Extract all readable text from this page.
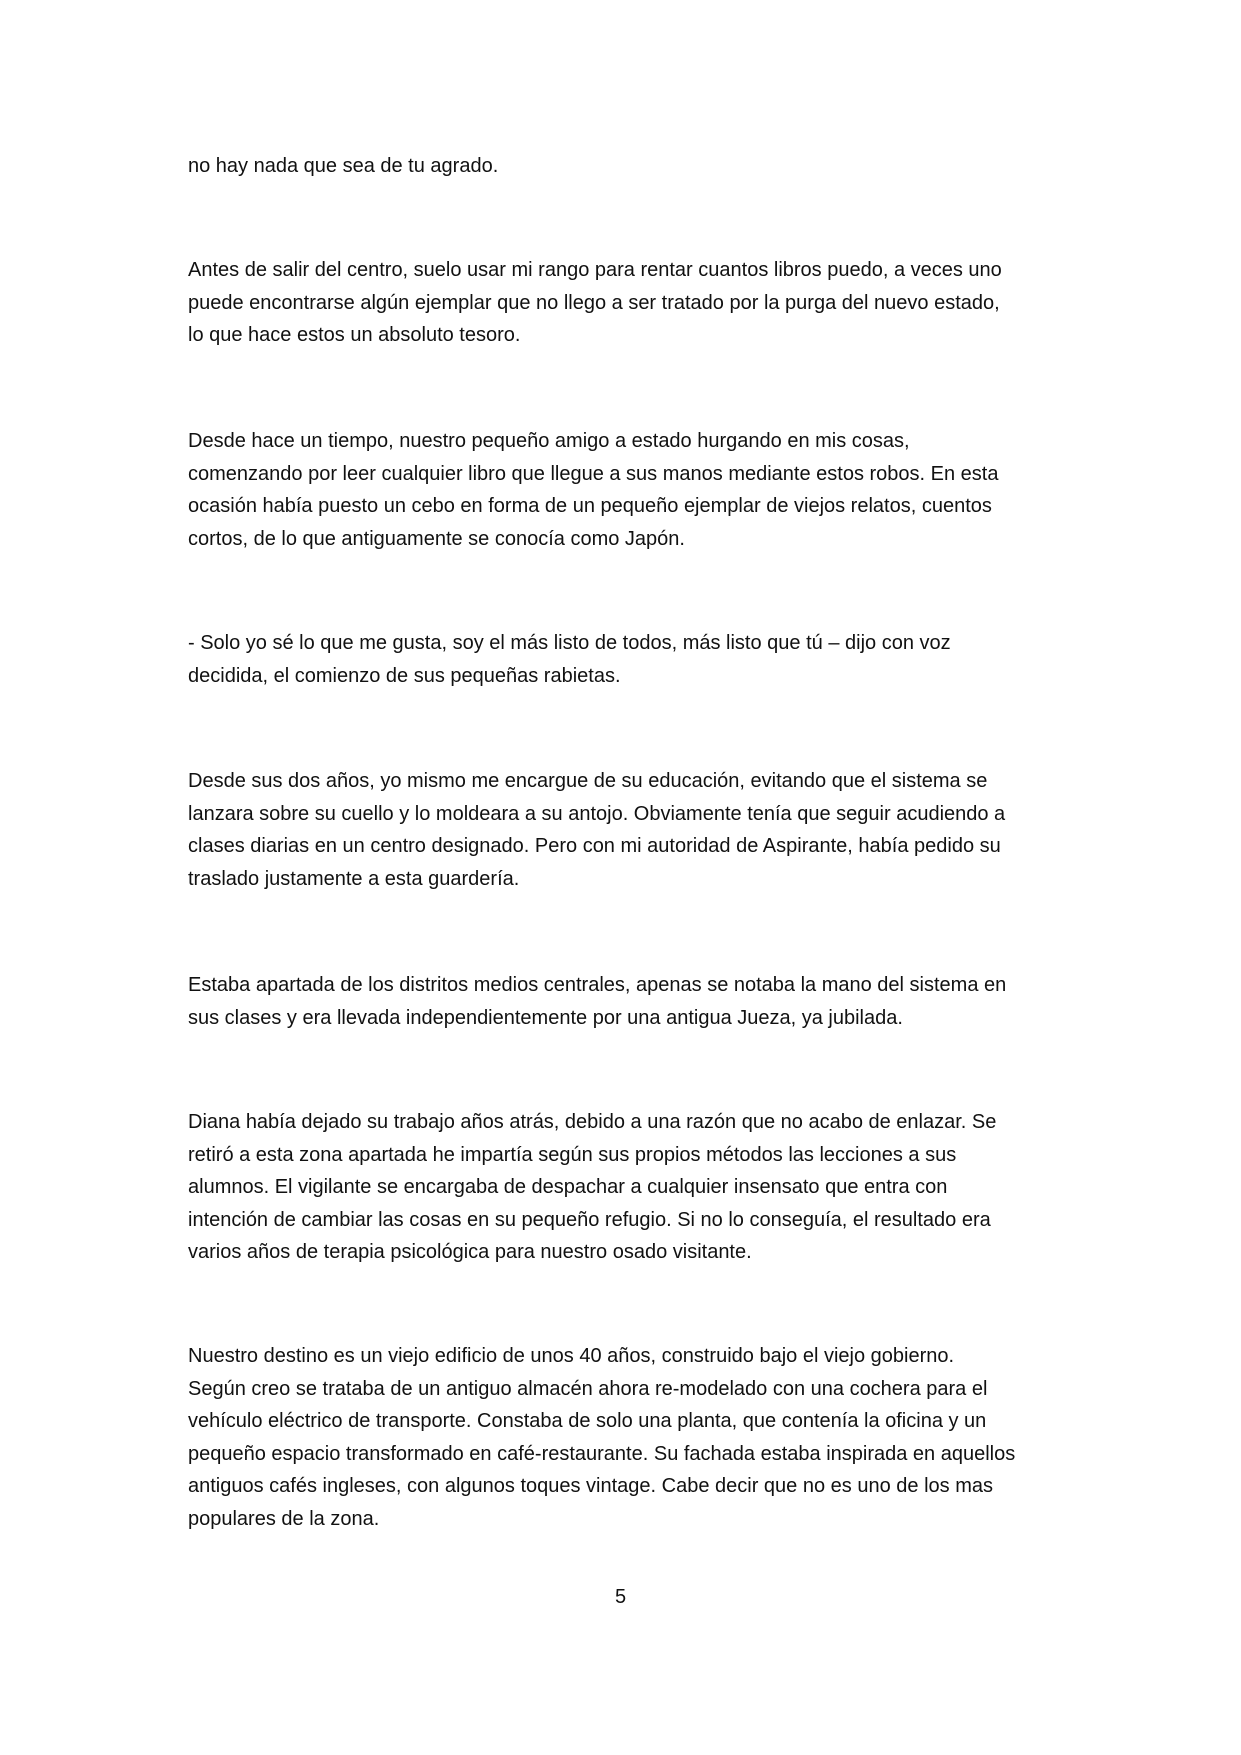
no hay nada que sea de tu agrado.

Antes de salir del centro, suelo usar mi rango para rentar cuantos libros puedo, a veces uno
puede encontrarse algún ejemplar que no llego a ser tratado por la purga del nuevo estado,
lo que hace estos un absoluto tesoro.

Desde hace un tiempo, nuestro pequeño amigo a estado hurgando en mis cosas,
comenzando por leer cualquier libro que llegue a sus manos mediante estos robos. En esta
ocasión había puesto un cebo en forma de un pequeño ejemplar de viejos relatos, cuentos
cortos, de lo que antiguamente se conocía como Japón.

- Solo yo sé lo que me gusta, soy el más listo de todos, más listo que tú – dijo con voz
decidida, el comienzo de sus pequeñas rabietas.

Desde sus dos años, yo mismo me encargue de su educación, evitando que el sistema se
lanzara sobre su cuello y lo moldeara a su antojo. Obviamente tenía que seguir acudiendo a
clases diarias en un centro designado. Pero con mi autoridad de Aspirante, había pedido su
traslado justamente a esta guardería.

Estaba apartada de los distritos medios centrales, apenas se notaba la mano del sistema en
sus clases y era llevada independientemente por una antigua Jueza, ya jubilada.

Diana había dejado su trabajo años atrás, debido a una razón que no acabo de enlazar. Se
retiró a esta zona apartada he impartía según sus propios métodos las lecciones a sus
alumnos. El vigilante se encargaba de despachar a cualquier insensato que entra con
intención de cambiar las cosas en su pequeño refugio. Si no lo conseguía, el resultado era
varios años de terapia psicológica para nuestro osado visitante.

Nuestro destino es un viejo edificio de unos 40 años, construido bajo el viejo gobierno.
Según creo se trataba de un antiguo almacén ahora re-modelado con una cochera para el
vehículo eléctrico de transporte. Constaba de solo una planta, que contenía la oficina y un
pequeño espacio transformado en café-restaurante. Su fachada estaba inspirada en aquellos
antiguos cafés ingleses, con algunos toques vintage. Cabe decir que no es uno de los mas
populares de la zona.

5
